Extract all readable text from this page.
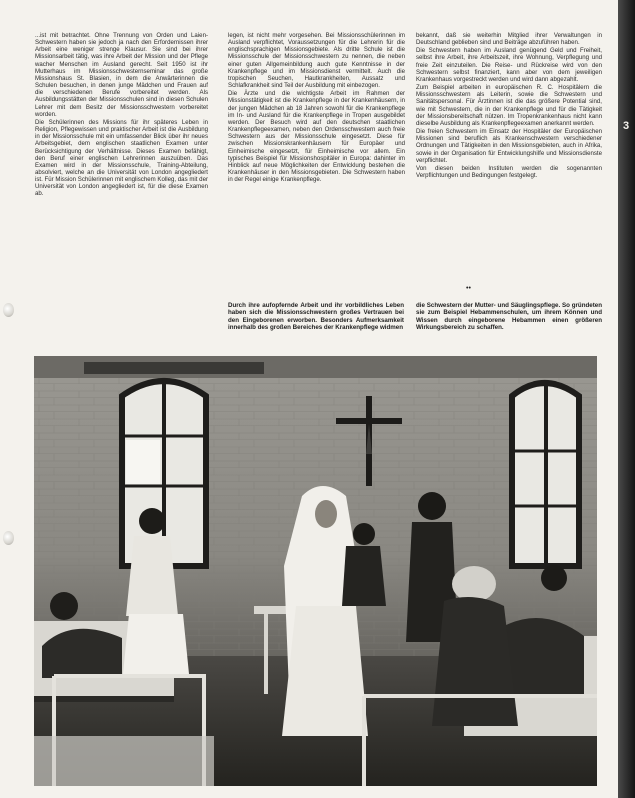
3

...ist mit betrachtet. Ohne Trennung von Orden und Laien-Schwestern haben sie jedoch ja nach den Erfordernissen ihrer Arbeit eine weniger strenge Klausur. Sie sind bei ihrer Missionsarbeit tätig, was ihre Arbeit der Mission und der Pflege wacher Menschen im Ausland gerecht. Seit 1950 ist ihr Mutterhaus im Missionsschwesternseminar das große Missionshaus St. Blasien, in dem die Anwärterinnen die Schulen besuchen, in denen junge Mädchen und Frauen auf die verschiedenen Berufe vorbereitet werden. Als Ausbildungsstätten der Missionsschulen sind in diesen Schulen Lehrer mit dem Besitz der Missionsschwestern vorbereitet worden.

Die Schülerinnen des Missions für ihr späteres Leben in Religion, Pflegewissen und praktischer Arbeit ist die Ausbildung in der Missionsschule mit ein umfassender Blick über ihr neues Arbeitsgebiet, dem englischen staatlichen Examen unter Berücksichtigung der Verhältnisse. Dieses Examen befähigt, den Beruf einer englischen Lehrerinnen auszuüben. Das Examen wird in der Missionsschule, Training-Abteilung, absolviert, welche an die Universität von London angegliedert ist. Für Mission Schülerinnen mit englischem Kolleg, das mit der Universität von London angegliedert ist, für die diese Examen ab.

legen, ist nicht mehr vorgesehen. Bei Missionsschülerinnen im Ausland verpflichtet, Voraussetzungen für die Lehrerin für die englischsprachigen Missionsgebiete. Als dritte Schule ist die Missionsschule der Missionsschwestern zu nennen, die neben einer guten Allgemeinbildung auch gute Kenntnisse in der Krankenpflege und im Missionsdienst vermittelt. Auch die tropischen Seuchen, Hautkrankheiten, Aussatz und Schlafkrankheit sind Teil der Ausbildung mit einbezogen.

Die Ärzte und die wichtigste Arbeit im Rahmen der Missionstätigkeit ist die Krankenpflege in der Krankenhäusern, in der jungen Mädchen ab 18 Jahren sowohl für die Krankenpflege im In- und Ausland für die Krankenpflege in Tropen ausgebildet werden. Der Besuch wird auf den deutschen staatlichen Krankenpflegeexamen, neben den Ordensschwestern auch freie Schwestern aus der Missionsschule eingesetzt. Diese für zwischen Missionskrankenhäusern für Europäer und Einheimische eingesetzt, für Einheimische vor allem. Ein typisches Beispiel für Missionshospitäler in Europa: dahinter im Hinblick auf neue Möglichkeiten der Entwicklung bestehen die Krankenhäuser in den Missionsgebieten. Die Schwestern haben in der Regel einige Krankenpflege.

bekannt, daß sie weiterhin Mitglied ihrer Verwaltungen in Deutschland geblieben sind und Beiträge abzuführen haben.

Die Schwestern haben im Ausland genügend Geld und Freiheit, selbst ihre Arbeit, ihre Arbeitszeit, ihre Wohnung, Verpflegung und freie Zeit einzuteilen. Die Reise- und Rückreise wird von den Schwestern selbst finanziert, kann aber von dem jeweiligen Krankenhaus vorgestreckt werden und wird dann abgezahlt.

Zum Beispiel arbeiten in europäischen R. C. Hospitälern die Missionsschwestern als Leiterin, sowie die Schwestern und Sanitätspersonal. Für Ärztinnen ist die das größere Potential sind, wie mit Schwestern, die in der Krankenpflege und für die Tätigkeit der Missionsbereitschaft nützen. Im Tropenkrankenhaus nicht kann dieselbe Ausbildung als Krankenpflegeexamen anerkannt werden.

Die freien Schwestern im Einsatz der Hospitäler der Europäischen Missionen sind beruflich als Krankenschwestern verschiedener Ordnungen und Tätigkeiten in den Missionsgebieten, auch in Afrika, sowie in der Organisation für Entwicklungshilfe und Missionsdienste verpflichtet.

Von diesen beiden Instituten werden die sogenannten Verpflichtungen und Bedingungen festgelegt.

••
Durch ihre aufopfernde Arbeit und ihr vorbildliches Leben haben sich die Missionsschwestern großes Vertrauen bei den Eingeborenen erworben. Besonders Aufmerksamkeit innerhalb des großen Bereiches der Krankenpflege widmen
die Schwestern der Mutter- und Säuglingspflege. So gründeten sie zum Beispiel Hebammenschulen, um ihrem Können und Wissen durch eingeborene Hebammen einen größeren Wirkungsbereich zu schaffen.
